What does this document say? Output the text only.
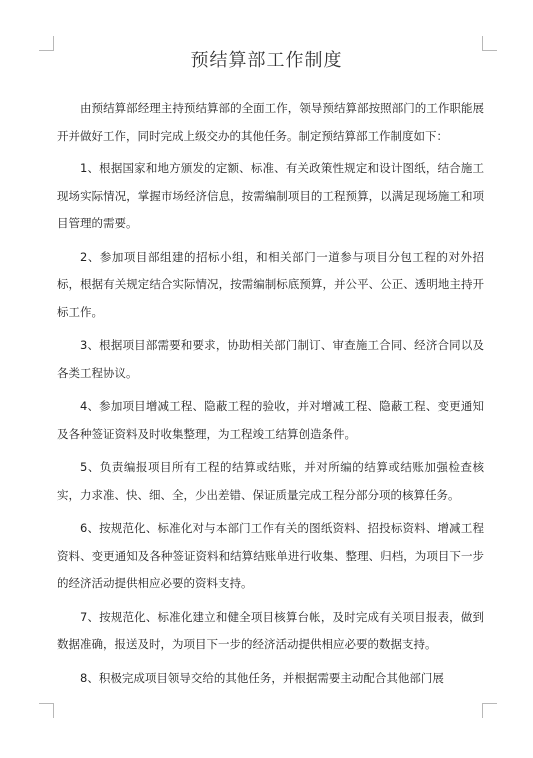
预结算部工作制度

由预结算部经理主持预结算部的全面工作，领导预结算部按照部门的工作职能展开并做好工作，同时完成上级交办的其他任务。制定预结算部工作制度如下：

1、根据国家和地方颁发的定额、标准、有关政策性规定和设计图纸，结合施工现场实际情况，掌握市场经济信息，按需编制项目的工程预算，以满足现场施工和项目管理的需要。

2、参加项目部组建的招标小组，和相关部门一道参与项目分包工程的对外招标，根据有关规定结合实际情况，按需编制标底预算，并公平、公正、透明地主持开标工作。

3、根据项目部需要和要求，协助相关部门制订、审查施工合同、经济合同以及各类工程协议。

4、参加项目增减工程、隐蔽工程的验收，并对增减工程、隐蔽工程、变更通知及各种签证资料及时收集整理，为工程竣工结算创造条件。

5、负责编报项目所有工程的结算或结账，并对所编的结算或结账加强检查核实，力求准、快、细、全，少出差错、保证质量完成工程分部分项的核算任务。

6、按规范化、标准化对与本部门工作有关的图纸资料、招投标资料、增减工程资料、变更通知及各种签证资料和结算结账单进行收集、整理、归档，为项目下一步的经济活动提供相应必要的资料支持。

7、按规范化、标准化建立和健全项目核算台帐，及时完成有关项目报表，做到数据准确，报送及时，为项目下一步的经济活动提供相应必要的数据支持。

8、积极完成项目领导交给的其他任务，并根据需要主动配合其他部门展
